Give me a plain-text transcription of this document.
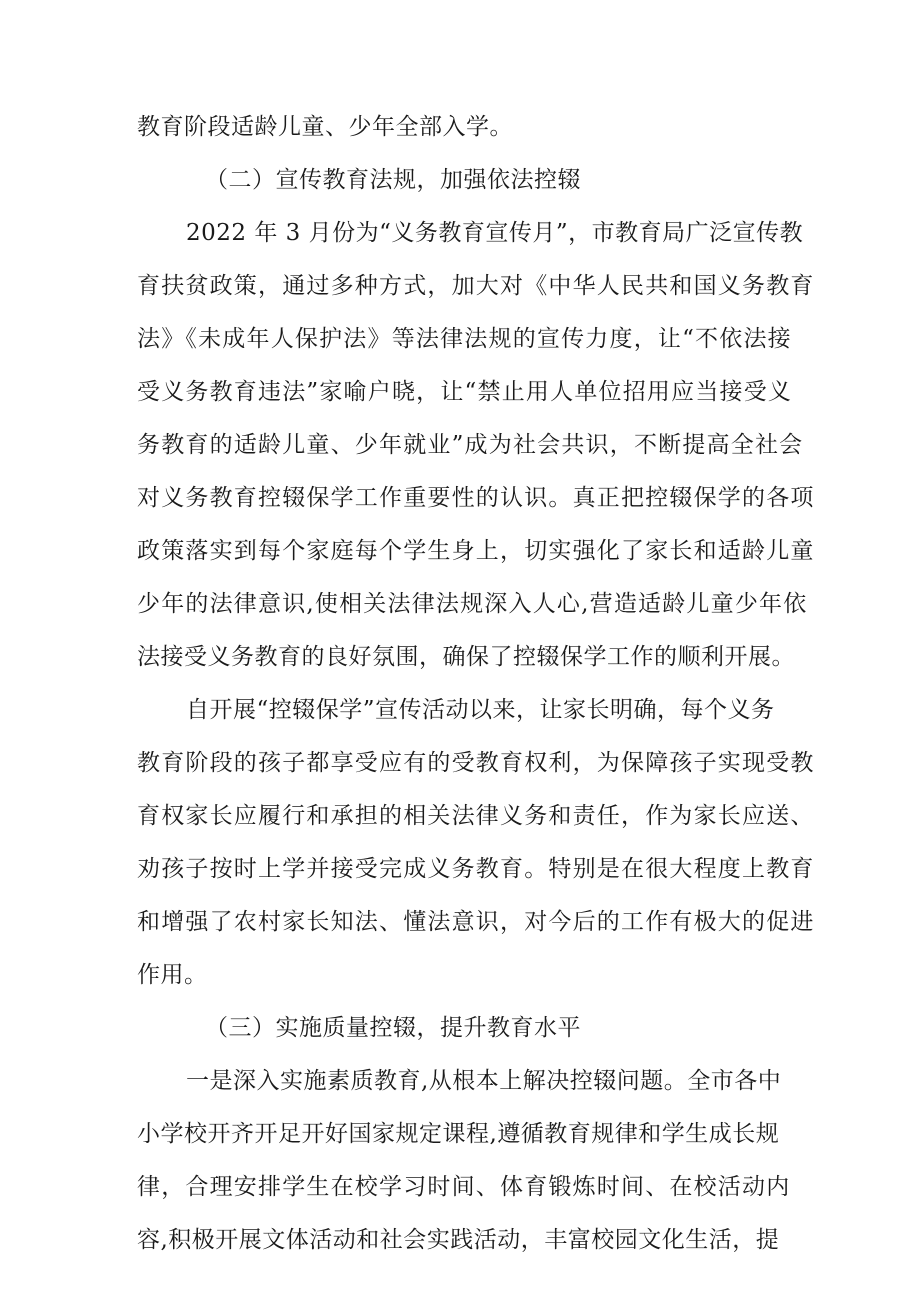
教育阶段适龄儿童、少年全部入学。
（二）宣传教育法规，加强依法控辍
2022 年 3 月份为“义务教育宣传月”，市教育局广泛宣传教
育扶贫政策，通过多种方式，加大对《中华人民共和国义务教育
法》《未成年人保护法》等法律法规的宣传力度，让“不依法接
受义务教育违法”家喻户晓，让“禁止用人单位招用应当接受义
务教育的适龄儿童、少年就业”成为社会共识，不断提高全社会
对义务教育控辍保学工作重要性的认识。真正把控辍保学的各项
政策落实到每个家庭每个学生身上，切实强化了家长和适龄儿童
少年的法律意识,使相关法律法规深入人心,营造适龄儿童少年依
法接受义务教育的良好氛围，确保了控辍保学工作的顺利开展。
自开展“控辍保学”宣传活动以来，让家长明确，每个义务
教育阶段的孩子都享受应有的受教育权利，为保障孩子实现受教
育权家长应履行和承担的相关法律义务和责任，作为家长应送、
劝孩子按时上学并接受完成义务教育。特别是在很大程度上教育
和增强了农村家长知法、懂法意识，对今后的工作有极大的促进
作用。
（三）实施质量控辍，提升教育水平
一是深入实施素质教育,从根本上解决控辍问题。全市各中
小学校开齐开足开好国家规定课程,遵循教育规律和学生成长规
律，合理安排学生在校学习时间、体育锻炼时间、在校活动内
容,积极开展文体活动和社会实践活动，丰富校园文化生活，提
